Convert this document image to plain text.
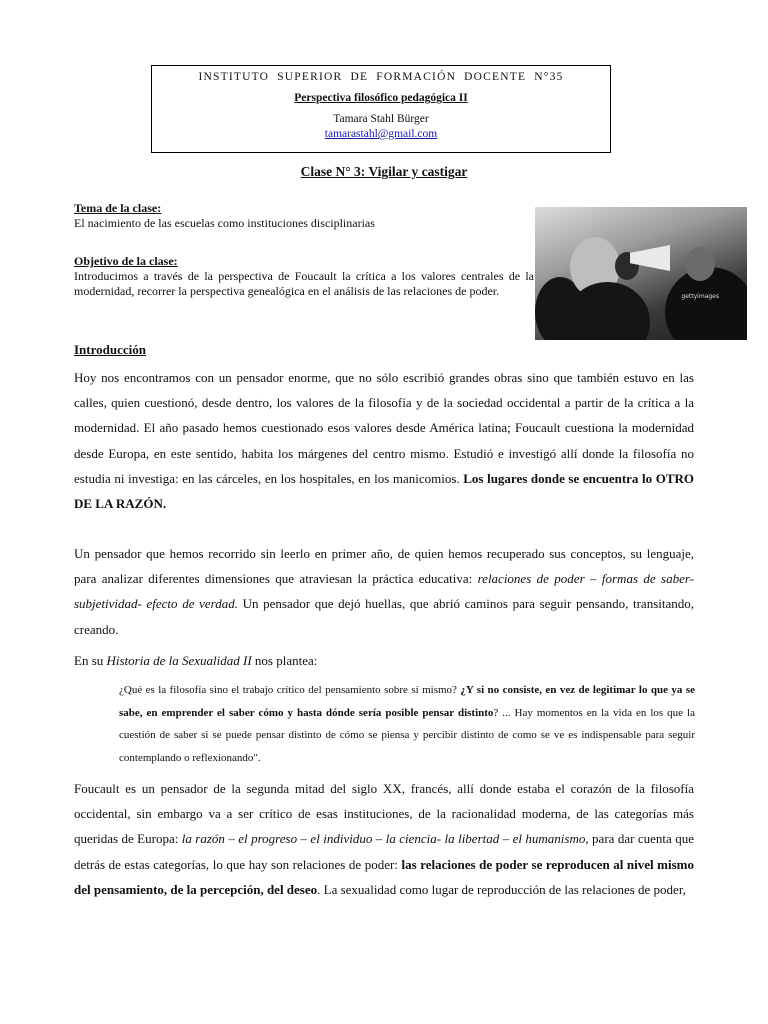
INSTITUTO SUPERIOR DE FORMACIÓN DOCENTE N°35
Perspectiva filosófico pedagógica II
Tamara Stahl Bürger
tamarastahl@gmail.com
Clase N° 3: Vigilar y castigar
Tema de la clase:
El nacimiento de las escuelas como instituciones disciplinarias
Objetivo de la clase:
Introducimos a través de la perspectiva de Foucault la crítica a los valores centrales de la modernidad, recorrer la perspectiva genealógica en el análisis de las relaciones de poder.	gettyimages
Introducción
Hoy nos encontramos con un pensador enorme, que no sólo escribió grandes obras sino que también estuvo en las calles, quien cuestionó, desde dentro, los valores de la filosofía y de la sociedad occidental a partir de la crítica a la modernidad. El año pasado hemos cuestionado esos valores desde América latina; Foucault cuestiona la modernidad desde Europa, en este sentido, habita los márgenes del centro mismo. Estudió e investigó allí donde la filosofía no estudia ni investiga: en las cárceles, en los hospitales, en los manicomios. Los lugares donde se encuentra lo OTRO DE LA RAZÓN.
Un pensador que hemos recorrido sin leerlo en primer año, de quien hemos recuperado sus conceptos, su lenguaje, para analizar diferentes dimensiones que atraviesan la práctica educativa: relaciones de poder – formas de saber- subjetividad- efecto de verdad. Un pensador que dejó huellas, que abrió caminos para seguir pensando, transitando, creando.
En su Historia de la Sexualidad II nos plantea:
¿Qué es la filosofía sino el trabajo crítico del pensamiento sobre sí mismo? ¿Y si no consiste, en vez de legitimar lo que ya se sabe, en emprender el saber cómo y hasta dónde sería posible pensar distinto? ... Hay momentos en la vida en los que la cuestión de saber si se puede pensar distinto de cómo se piensa y percibir distinto de como se ve es indispensable para seguir contemplando o reflexionando".
Foucault es un pensador de la segunda mitad del siglo XX, francés, allí donde estaba el corazón de la filosofía occidental, sin embargo va a ser crítico de esas instituciones, de la racionalidad moderna, de las categorías más queridas de Europa: la razón – el progreso – el individuo – la ciencia- la libertad – el humanismo, para dar cuenta que detrás de estas categorías, lo que hay son relaciones de poder: las relaciones de poder se reproducen al nivel mismo del pensamiento, de la percepción, del deseo. La sexualidad como lugar de reproducción de las relaciones de poder,
